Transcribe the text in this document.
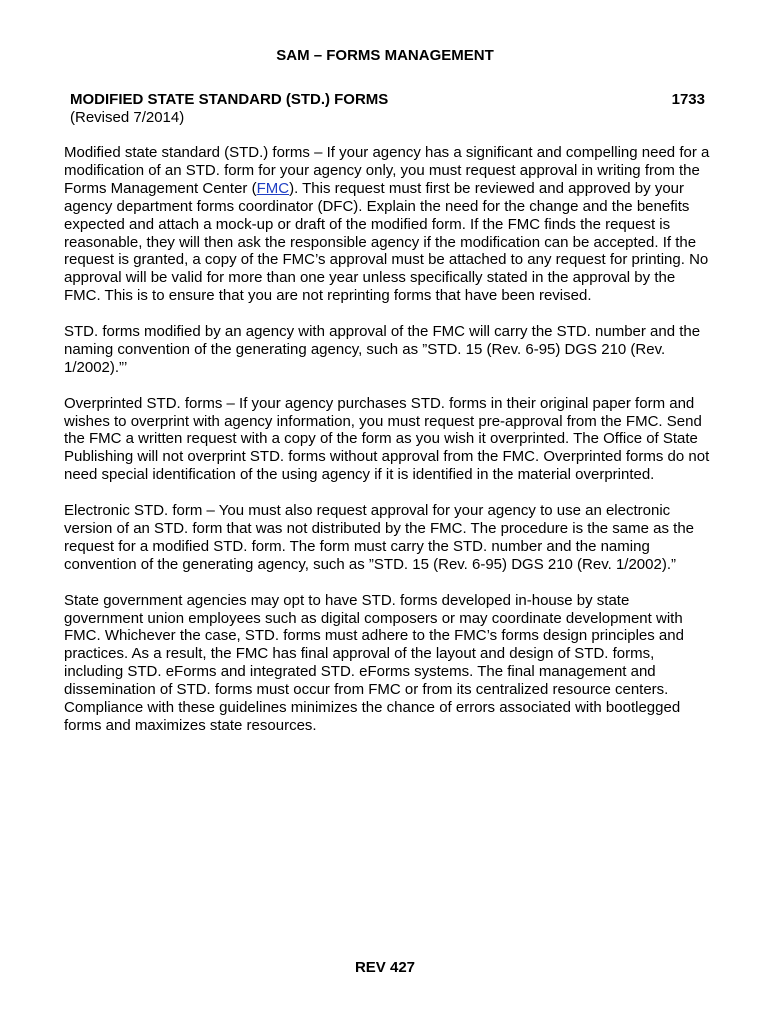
SAM – FORMS MANAGEMENT
MODIFIED STATE STANDARD (STD.) FORMS	1733
(Revised 7/2014)

Modified state standard (STD.) forms – If your agency has a significant and compelling need for a modification of an STD. form for your agency only, you must request approval in writing from the Forms Management Center (FMC). This request must first be reviewed and approved by your agency department forms coordinator (DFC). Explain the need for the change and the benefits expected and attach a mock-up or draft of the modified form. If the FMC finds the request is reasonable, they will then ask the responsible agency if the modification can be accepted. If the request is granted, a copy of the FMC’s approval must be attached to any request for printing. No approval will be valid for more than one year unless specifically stated in the approval by the FMC. This is to ensure that you are not reprinting forms that have been revised.

STD. forms modified by an agency with approval of the FMC will carry the STD. number and the naming convention of the generating agency, such as ”STD. 15 (Rev. 6-95) DGS 210 (Rev. 1/2002).”’

Overprinted STD. forms – If your agency purchases STD. forms in their original paper form and wishes to overprint with agency information, you must request pre-approval from the FMC. Send the FMC a written request with a copy of the form as you wish it overprinted. The Office of State Publishing will not overprint STD. forms without approval from the FMC. Overprinted forms do not need special identification of the using agency if it is identified in the material overprinted.

Electronic STD. form – You must also request approval for your agency to use an electronic version of an STD. form that was not distributed by the FMC. The procedure is the same as the request for a modified STD. form. The form must carry the STD. number and the naming convention of the generating agency, such as ”STD. 15 (Rev. 6-95) DGS 210 (Rev. 1/2002).”

State government agencies may opt to have STD. forms developed in-house by state government union employees such as digital composers or may coordinate development with FMC. Whichever the case, STD. forms must adhere to the FMC’s forms design principles and practices. As a result, the FMC has final approval of the layout and design of STD. forms, including STD. eForms and integrated STD. eForms systems. The final management and dissemination of STD. forms must occur from FMC or from its centralized resource centers. Compliance with these guidelines minimizes the chance of errors associated with bootlegged forms and maximizes state resources.

REV 427
